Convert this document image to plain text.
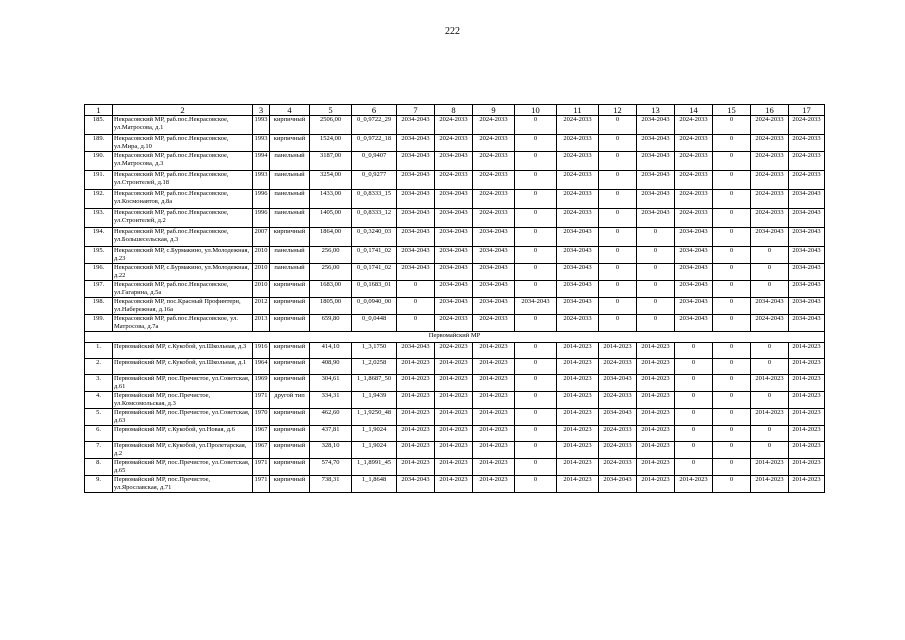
222
1	2	3	4	5	6	7	8	9	10	11	12	13	14	15	16	17
185.	Некрасовский МР, раб.пос.Некрасовское, ул.Матросова, д.1	1993	кирпичный	2506,00	0_0,9722_29	2034-2043	2024-2033	2024-2033	0	2024-2033	0	2034-2043	2024-2033	0	2024-2033	2024-2033
189.	Некрасовский МР, раб.пос.Некрасовское, ул.Мира, д.10	1993	кирпичный	1524,00	0_0,9722_18	2034-2043	2024-2033	2024-2033	0	2024-2033	0	2034-2043	2024-2033	0	2024-2033	2024-2033
190.	Некрасовский МР, раб.пос.Некрасовское, ул.Матросова, д.3	1994	панельный	3187,00	0_0,9407	2034-2043	2034-2043	2024-2033	0	2024-2033	0	2034-2043	2024-2033	0	2024-2033	2024-2033
191.	Некрасовский МР, раб.пос.Некрасовское, ул.Строителей, д.18	1993	панельный	3254,00	0_0,9277	2034-2043	2024-2033	2024-2033	0	2024-2033	0	2034-2043	2024-2033	0	2024-2033	2024-2033
192.	Некрасовский МР, раб.пос.Некрасовское, ул.Космонавтов, д.8а	1996	панельный	1433,00	0_0,8333_15	2034-2043	2034-2043	2024-2033	0	2024-2033	0	2034-2043	2024-2033	0	2024-2033	2034-2043
193.	Некрасовский МР, раб.пос.Некрасовское, ул.Строителей, д.2	1996	панельный	1405,00	0_0,8333_12	2034-2043	2034-2043	2024-2033	0	2024-2033	0	2034-2043	2024-2033	0	2024-2033	2034-2043
194.	Некрасовский МР, раб.пос.Некрасовское, ул.Большесельская, д.3	2007	кирпичный	1864,00	0_0,3240_03	2034-2043	2034-2043	2034-2043	0	2034-2043	0	0	2034-2043	0	2034-2043	2034-2043
195.	Некрасовский МР, с.Бурмакино, ул.Молодежная, д.23	2010	панельный	256,00	0_0,1741_02	2034-2043	2034-2043	2034-2043	0	2034-2043	0	0	2034-2043	0	0	2034-2043
196.	Некрасовский МР, с.Бурмакино, ул.Молодежная, д.22	2010	панельный	256,00	0_0,1741_02	2034-2043	2034-2043	2034-2043	0	2034-2043	0	0	2034-2043	0	0	2034-2043
197.	Некрасовский МР, раб.пос.Некрасовское, ул.Гагарина, д.5а	2010	кирпичный	1683,00	0_0,1683_01	0	2034-2043	2034-2043	0	2034-2043	0	0	2034-2043	0	0	2034-2043
198.	Некрасовский МР, пос.Красный Профинтерн, ул.Набережная, д.16а	2012	кирпичный	1805,00	0_0,0940_00	0	2034-2043	2034-2043	2034-2043	2034-2043	0	0	2034-2043	0	2034-2043	2034-2043
199.	Некрасовский МР, раб.пос.Некрасовское, ул. Матросова, д.7а	2013	кирпичный	659,80	0_0,0448	0	2024-2033	2024-2033	0	2024-2033	0	0	2034-2043	0	2024-2043	2034-2043
Первомайский МР																
1.	Первомайский МР, с.Кукобой, ул.Школьная, д.3	1916	кирпичный	414,10	1_3,1750	2034-2043	2024-2023	2014-2023	0	2014-2023	2014-2023	2014-2023	0	0	0	2014-2023
2.	Первомайский МР, с.Кукобой, ул.Школьная, д.1	1964	кирпичный	408,90	1_2,0258	2014-2023	2014-2023	2014-2023	0	2014-2023	2024-2033	2014-2023	0	0	0	2014-2023
3.	Первомайский МР, пос.Пречистое, ул.Советская, д.61	1969	кирпичный	304,61	1_1,8687_50	2014-2023	2014-2023	2014-2023	0	2014-2023	2034-2043	2014-2023	0	0	2014-2023	2014-2023
4.	Первомайский МР, пос.Пречистое, ул.Комсомольская, д.3	1971	другой тип	334,31	1_1,9439	2014-2023	2014-2023	2014-2023	0	2014-2023	2024-2033	2014-2023	0	0	0	2014-2023
5.	Первомайский МР, пос.Пречистое, ул.Советская, д.63	1970	кирпичный	462,60	1_1,9250_48	2014-2023	2014-2023	2014-2023	0	2014-2023	2034-2043	2014-2023	0	0	2014-2023	2014-2023
6.	Первомайский МР, с.Кукобой, ул.Новая, д.6	1967	кирпичный	437,81	1_1,9024	2014-2023	2014-2023	2014-2023	0	2014-2023	2024-2033	2014-2023	0	0	0	2014-2023
7.	Первомайский МР, с.Кукобой, ул.Пролетарская, д.2	1967	кирпичный	328,10	1_1,9024	2014-2023	2014-2023	2014-2023	0	2014-2023	2024-2033	2014-2023	0	0	0	2014-2023
8.	Первомайский МР, пос.Пречистое, ул.Советская, д.65	1971	кирпичный	574,70	1_1,8991_45	2014-2023	2014-2023	2014-2023	0	2014-2023	2024-2033	2014-2023	0	0	2014-2023	2014-2023
9.	Первомайский МР, пос.Пречистое, ул.Ярославская, д.71	1971	кирпичный	738,31	1_1,8648	2034-2043	2014-2023	2014-2023	0	2014-2023	2034-2043	2014-2023	2014-2023	0	2014-2023	2014-2023
